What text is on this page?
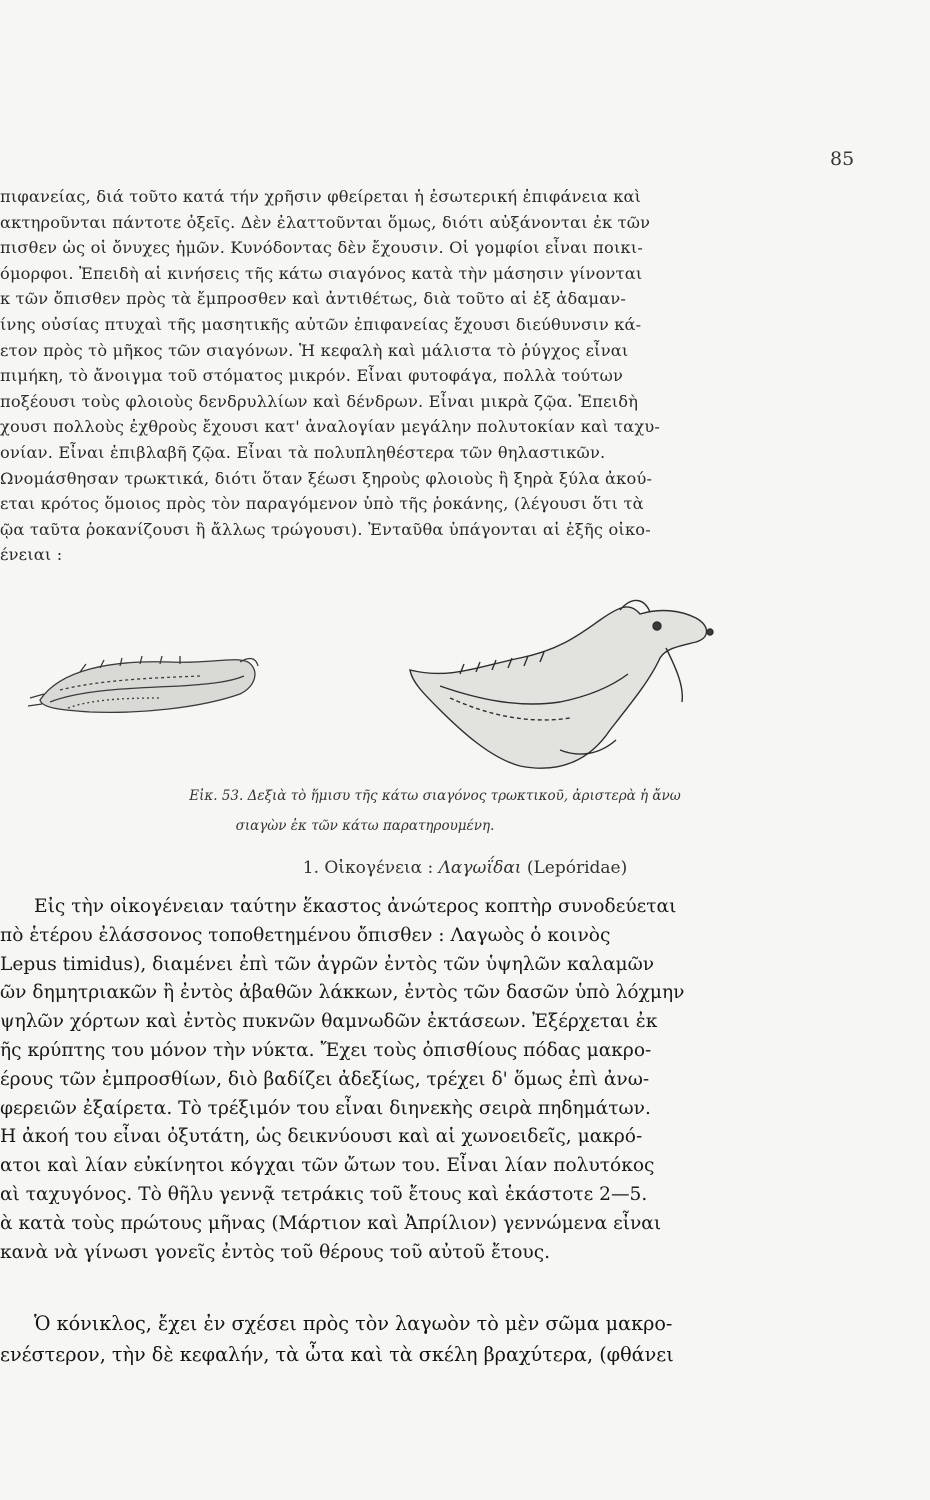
85
πιφανείας, διά τοῦτο κατά τήν χρῆσιν φθείρεται ἡ ἐσωτερική ἐπιφάνεια καὶ
ακτηροῦνται πάντοτε ὀξεῖς. Δὲν ἐλαττοῦνται ὅμως, διότι αὐξάνονται ἐκ τῶν
πισθεν ὡς οἱ ὄνυχες ἡμῶν. Κυνόδοντας δὲν ἔχουσιν. Οἱ γομφίοι εἶναι ποικι-
όμορφοι. Ἐπειδὴ αἱ κινήσεις τῆς κάτω σιαγόνος κατὰ τὴν μάσησιν γίνονται
κ τῶν ὄπισθεν πρὸς τὰ ἔμπροσθεν καὶ ἀντιθέτως, διὰ τοῦτο αἱ ἐξ ἀδαμαν-
ίνης οὐσίας πτυχαὶ τῆς μασητικῆς αὐτῶν ἐπιφανείας ἔχουσι διεύθυνσιν κά-
ετον πρὸς τὸ μῆκος τῶν σιαγόνων. Ἡ κεφαλὴ καὶ μάλιστα τὸ ῥύγχος εἶναι
πιμήκη, τὸ ἄνοιγμα τοῦ στόματος μικρόν. Εἶναι φυτοφάγα, πολλὰ τούτων
ποξέουσι τοὺς φλοιοὺς δενδρυλλίων καὶ δένδρων. Εἶναι μικρὰ ζῷα. Ἐπειδὴ
χουσι πολλοὺς ἐχθροὺς ἔχουσι κατ' ἀναλογίαν μεγάλην πολυτοκίαν καὶ ταχυ-
ονίαν. Εἶναι ἐπιβλαβῆ ζῷα. Εἶναι τὰ πολυπληθέστερα τῶν θηλαστικῶν.
Ωνομάσθησαν τρωκτικά, διότι ὅταν ξέωσι ξηροὺς φλοιοὺς ἢ ξηρὰ ξύλα ἀκού-
εται κρότος ὅμοιος πρὸς τὸν παραγόμενον ὑπὸ τῆς ῥοκάνης, (λέγουσι ὅτι τὰ
ῷα ταῦτα ῥοκανίζουσι ἢ ἄλλως τρώγουσι). Ἐνταῦθα ὑπάγονται αἱ ἑξῆς οἰκο-
ένειαι :
Εἰκ. 53. Δεξιὰ τὸ ἥμισυ τῆς κάτω σιαγόνος τρωκτικοῦ, ἀριστερὰ ἡ ἄνω
σιαγὼν ἐκ τῶν κάτω παρατηρουμένη.
1. Οἰκογένεια : Λαγωΐδαι (Lepóridae)
Εἰς τὴν οἰκογένειαν ταύτην ἕκαστος ἀνώτερος κοπτὴρ συνοδεύεται
πὸ ἑτέρου ἐλάσσονος τοποθετημένου ὄπισθεν : Λαγωὸς ὁ κοινὸς
Lepus timidus), διαμένει ἐπὶ τῶν ἀγρῶν ἐντὸς τῶν ὑψηλῶν καλαμῶν
ῶν δημητριακῶν ἢ ἐντὸς ἀβαθῶν λάκκων, ἐντὸς τῶν δασῶν ὑπὸ λόχμην
ψηλῶν χόρτων καὶ ἐντὸς πυκνῶν θαμνωδῶν ἐκτάσεων. Ἐξέρχεται ἐκ
ῆς κρύπτης του μόνον τὴν νύκτα. Ἔχει τοὺς ὀπισθίους πόδας μακρο-
έρους τῶν ἐμπροσθίων, διὸ βαδίζει ἀδεξίως, τρέχει δ' ὅμως ἐπὶ ἀνω-
φερειῶν ἐξαίρετα. Τὸ τρέξιμόν του εἶναι διηνεκὴς σειρὰ πηδημάτων.
Η ἀκοή του εἶναι ὀξυτάτη, ὡς δεικνύουσι καὶ αἱ χωνοειδεῖς, μακρό-
ατοι καὶ λίαν εὐκίνητοι κόγχαι τῶν ὤτων του. Εἶναι λίαν πολυτόκος
αὶ ταχυγόνος. Τὸ θῆλυ γεννᾷ τετράκις τοῦ ἔτους καὶ ἑκάστοτε 2—5.
ὰ κατὰ τοὺς πρώτους μῆνας (Μάρτιον καὶ Ἀπρίλιον) γεννώμενα εἶναι
κανὰ νὰ γίνωσι γονεῖς ἐντὸς τοῦ θέρους τοῦ αὐτοῦ ἔτους.
Ὁ κόνικλος, ἔχει ἐν σχέσει πρὸς τὸν λαγωὸν τὸ μὲν σῶμα μακρο-
ενέστερον, τὴν δὲ κεφαλήν, τὰ ὦτα καὶ τὰ σκέλη βραχύτερα, (φθάνει
